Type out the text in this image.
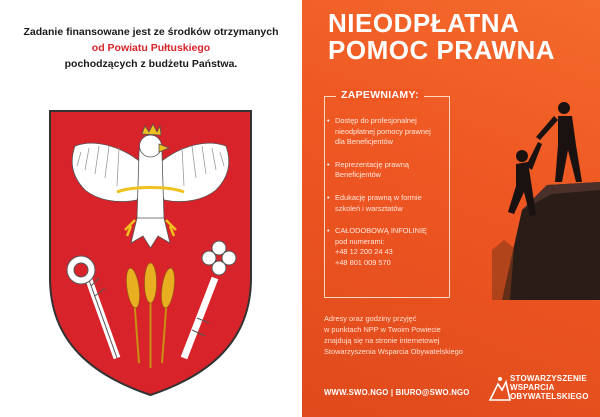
Zadanie finansowane jest ze środków otrzymanych
od Powiatu Pułtuskiego
pochodzących z budżetu Państwa.
NIEODPŁATNA
POMOC PRAWNA
ZAPEWNIAMY:
• Dostęp do profesjonalnej
nieodpłatnej pomocy prawnej
dla Beneficjentów
• Reprezentację prawną
Beneficjentów
• Edukację prawną w formie
szkoleń i warsztatów
• CAŁODOBOWĄ INFOLINIĘ
pod numerami:
+48 12 200 24 43
+48 801 009 570
Adresy oraz godziny przyjęć
w punktach NPP w Twoim Powiecie
znajdują się na stronie internetowej
Stowarzyszenia Wsparcia Obywatelskiego
WWW.SWO.NGO | BIURO@SWO.NGO
STOWARZYSZENIE
WSPARCIA
OBYWATELSKIEGO
